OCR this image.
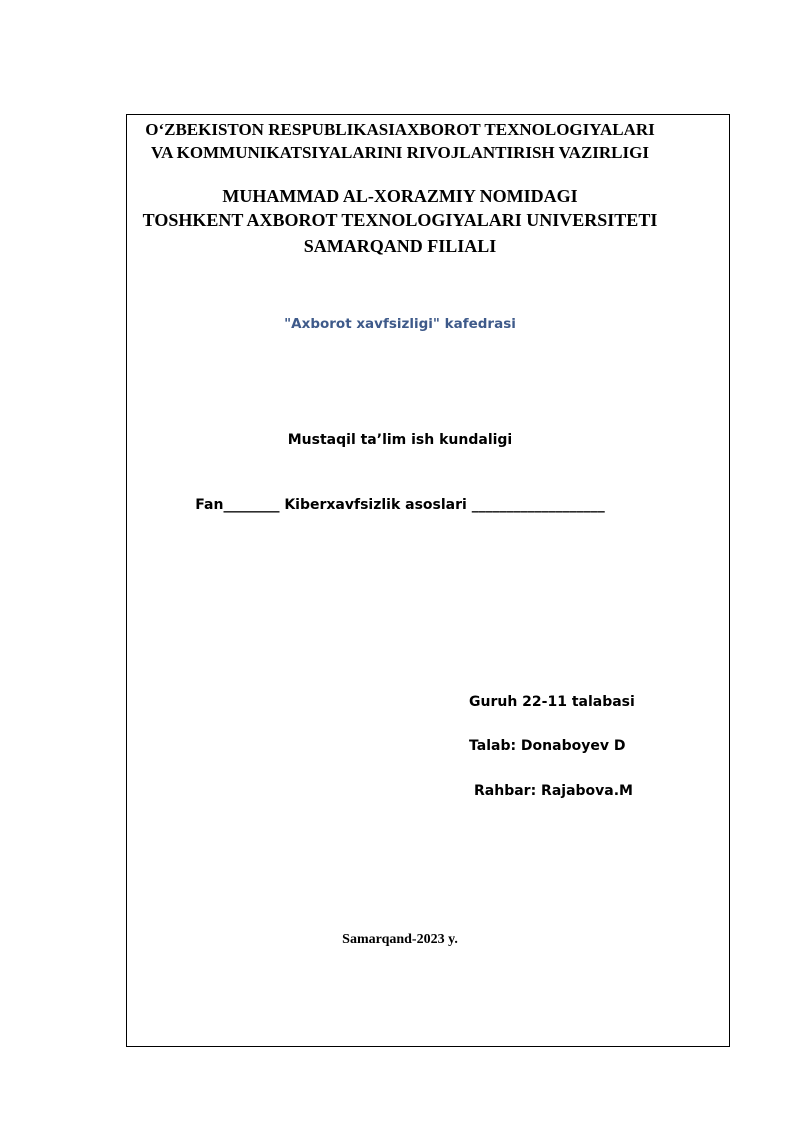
O‘ZBEKISTON RESPUBLIKASIAXBOROT TEXNOLOGIYALARI
VA KOMMUNIKATSIYALARINI RIVOJLANTIRISH VAZIRLIGI
MUHAMMAD AL-XORAZMIY NOMIDAGI
TOSHKENT AXBOROT TEXNOLOGIYALARI UNIVERSITETI
SAMARQAND FILIALI
"Axborot xavfsizligi" kafedrasi
Mustaqil ta’lim ish kundaligi
Fan________ Kiberxavfsizlik asoslari ___________________
Guruh 22-11 talabasi
Talab: Donaboyev D
Rahbar: Rajabova.M
Samarqand-2023 y.
